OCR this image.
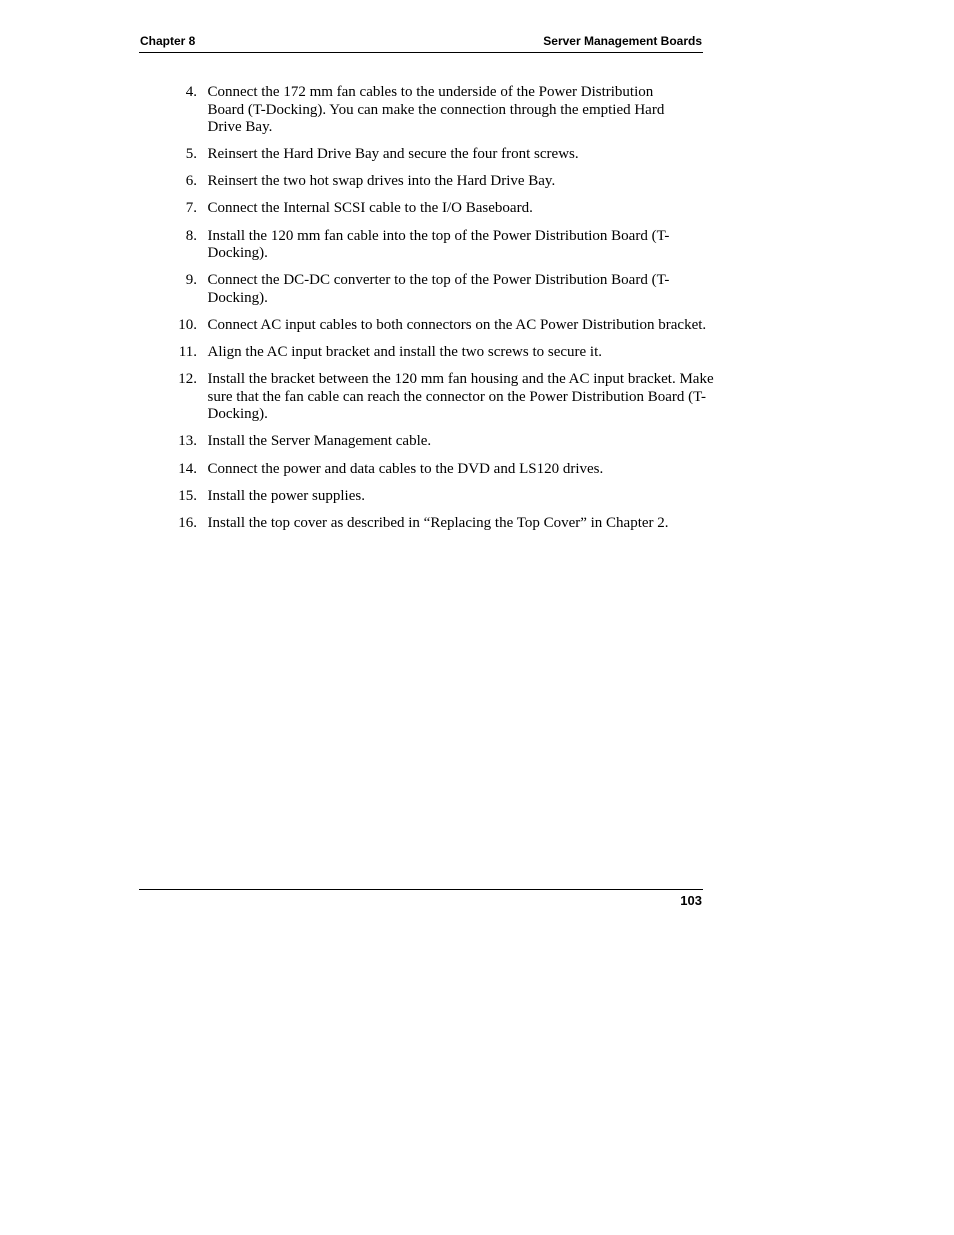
Chapter 8	Server Management Boards
4. Connect the 172 mm fan cables to the underside of the Power Distribution Board (T-Docking). You can make the connection through the emptied Hard Drive Bay.
5. Reinsert the Hard Drive Bay and secure the four front screws.
6. Reinsert the two hot swap drives into the Hard Drive Bay.
7. Connect the Internal SCSI cable to the I/O Baseboard.
8. Install the 120 mm fan cable into the top of the Power Distribution Board (T-Docking).
9. Connect the DC-DC converter to the top of the Power Distribution Board (T-Docking).
10. Connect AC input cables to both connectors on the AC Power Distribution bracket.
11. Align the AC input bracket and install the two screws to secure it.
12. Install the bracket between the 120 mm fan housing and the AC input bracket. Make sure that the fan cable can reach the connector on the Power Distribution Board (T-Docking).
13. Install the Server Management cable.
14. Connect the power and data cables to the DVD and LS120 drives.
15. Install the power supplies.
16. Install the top cover as described in “Replacing the Top Cover” in Chapter 2.
103
